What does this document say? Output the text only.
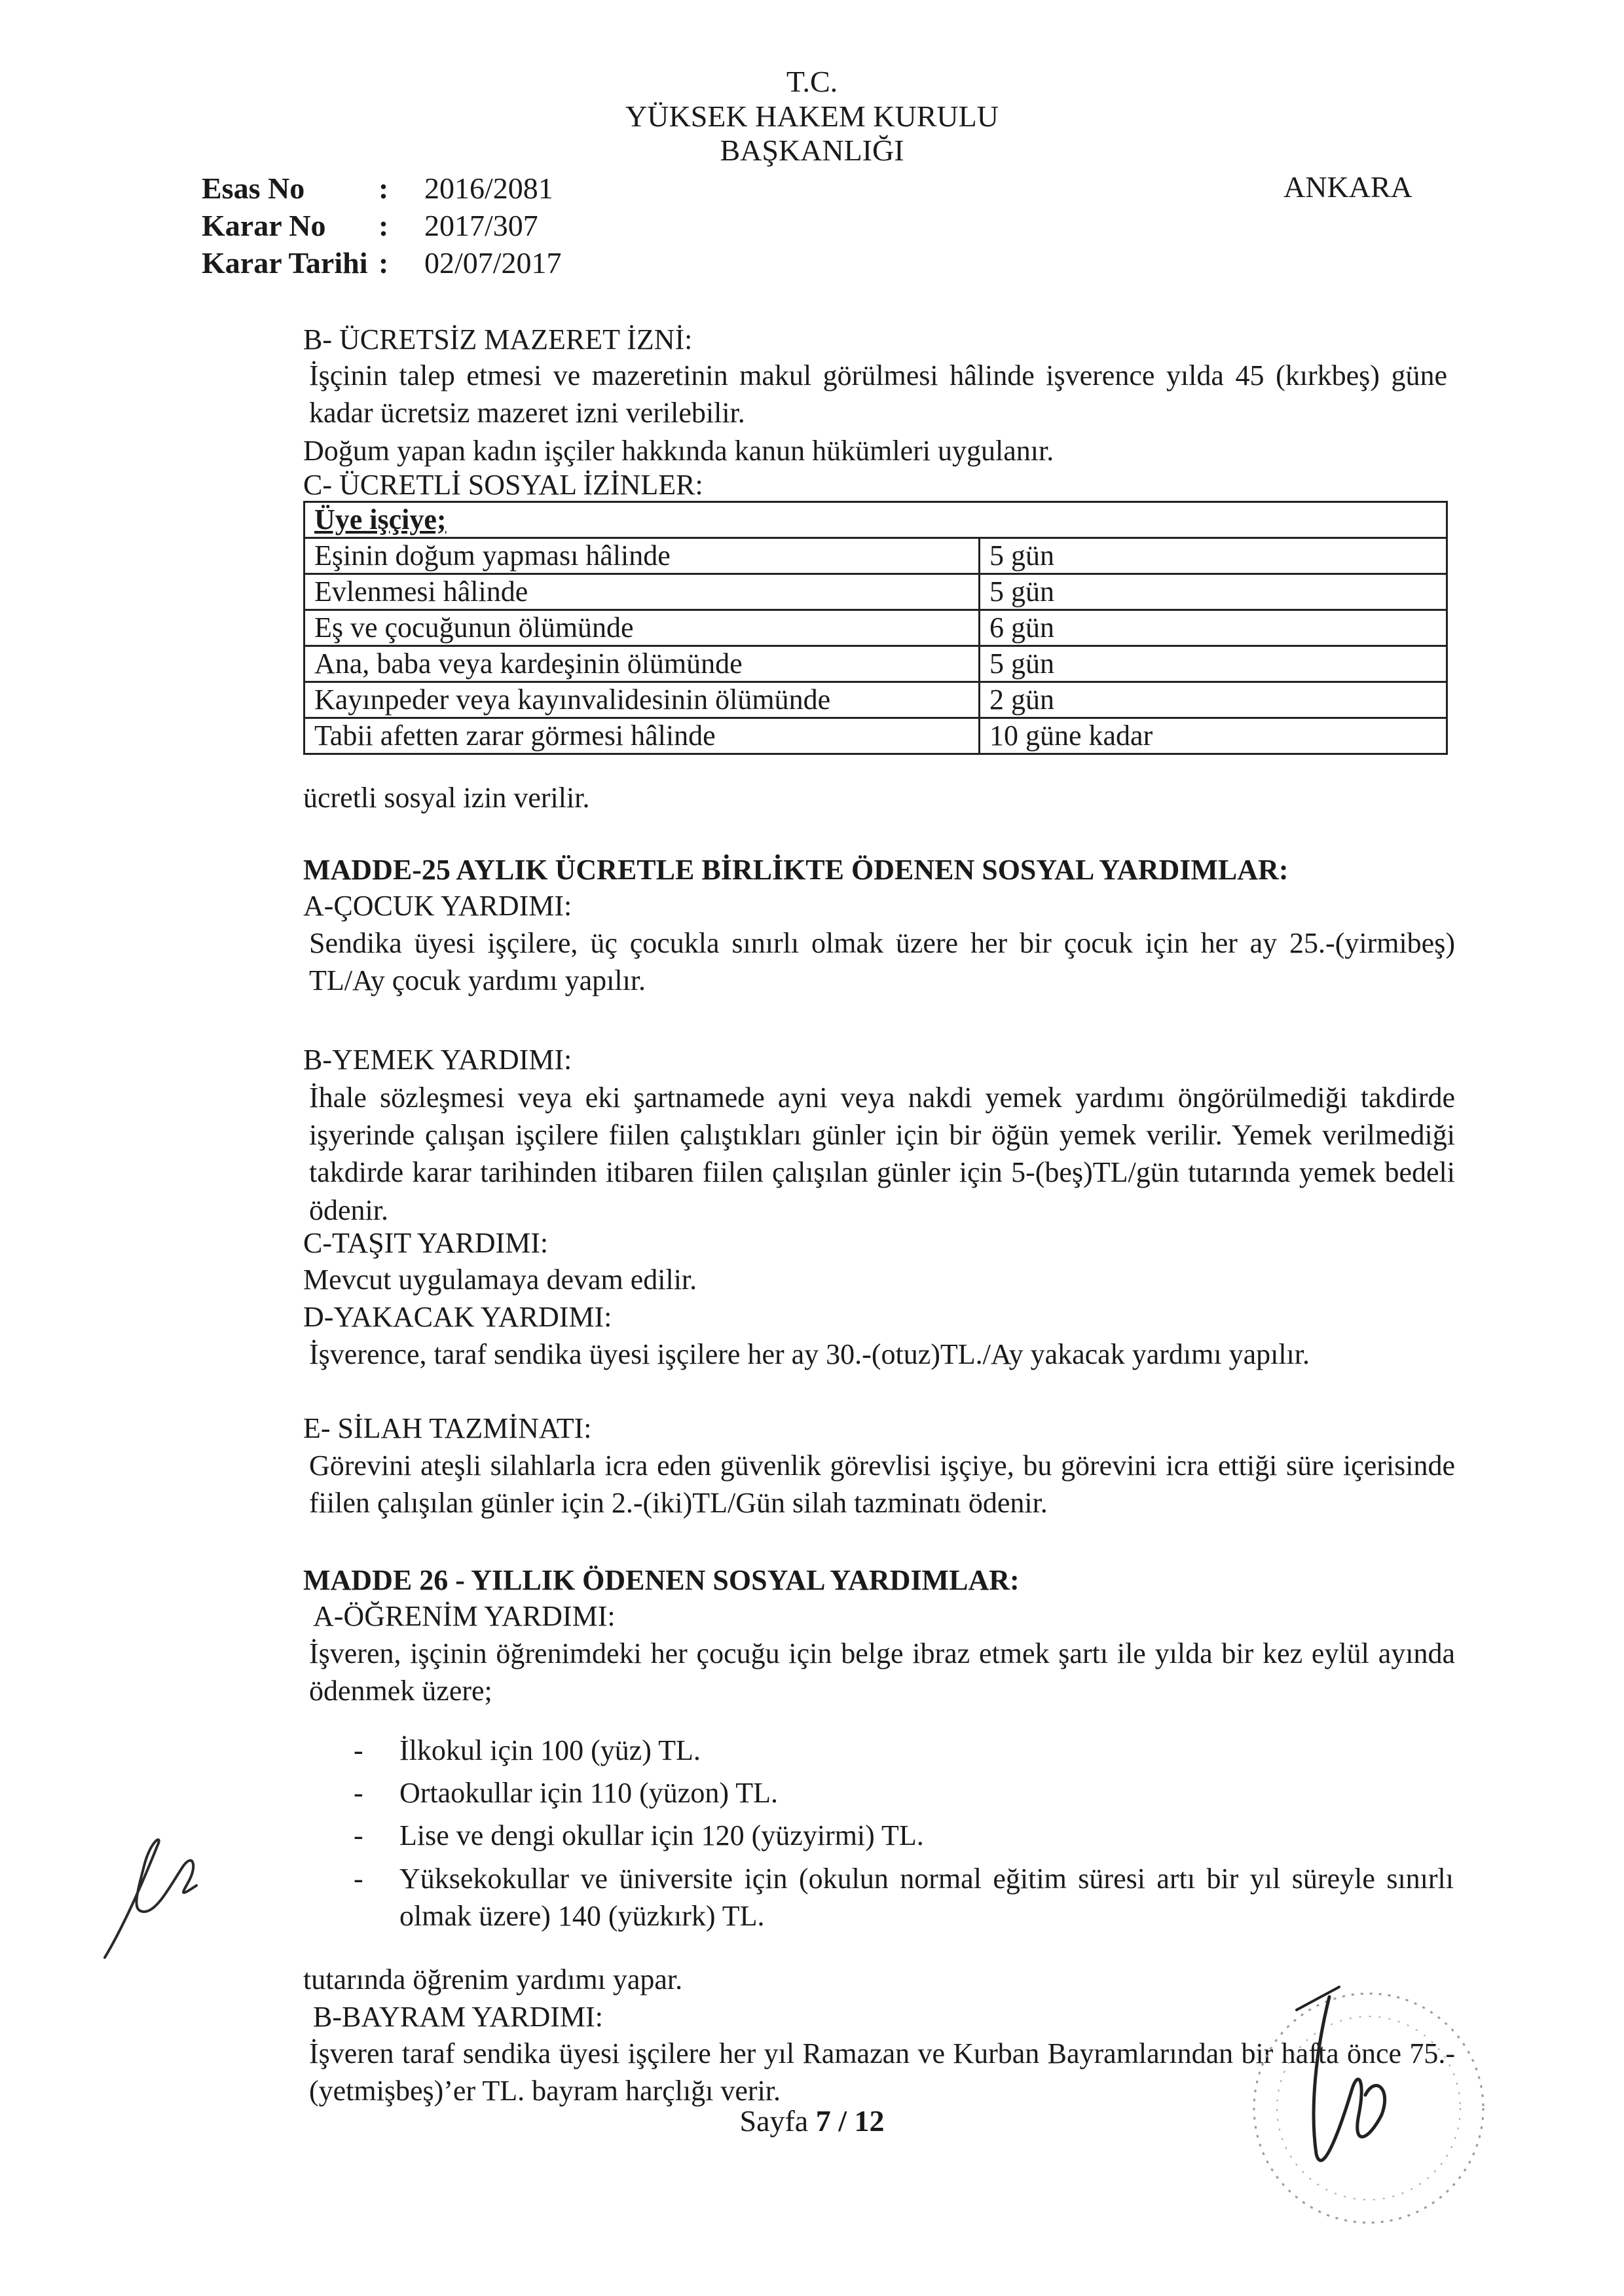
T.C.
YÜKSEK HAKEM KURULU
BAŞKANLIĞI
ANKARA
Esas No : 2016/2081
Karar No : 2017/307
Karar Tarihi : 02/07/2017
B- ÜCRETSİZ MAZERET İZNİ:
İşçinin talep etmesi ve mazeretinin makul görülmesi hâlinde işverence yılda 45 (kırkbeş) güne kadar ücretsiz mazeret izni verilebilir.
Doğum yapan kadın işçiler hakkında kanun hükümleri uygulanır.
C- ÜCRETLİ SOSYAL İZİNLER:
Üye işçiye;	
Eşinin doğum yapması hâlinde	5 gün
Evlenmesi hâlinde	5 gün
Eş ve çocuğunun ölümünde	6 gün
Ana, baba veya kardeşinin ölümünde	5 gün
Kayınpeder veya kayınvalidesinin ölümünde	2 gün
Tabii afetten zarar görmesi hâlinde	10 güne kadar
ücretli sosyal izin verilir.
MADDE-25 AYLIK ÜCRETLE BİRLİKTE ÖDENEN SOSYAL YARDIMLAR:
A-ÇOCUK YARDIMI:
Sendika üyesi işçilere, üç çocukla sınırlı olmak üzere her bir çocuk için her ay 25.-(yirmibeş) TL/Ay çocuk yardımı yapılır.
B-YEMEK YARDIMI:
İhale sözleşmesi veya eki şartnamede ayni veya nakdi yemek yardımı öngörülmediği takdirde işyerinde çalışan işçilere fiilen çalıştıkları günler için bir öğün yemek verilir. Yemek verilmediği takdirde karar tarihinden itibaren fiilen çalışılan günler için 5-(beş)TL/gün tutarında yemek bedeli ödenir.
C-TAŞIT YARDIMI:
Mevcut uygulamaya devam edilir.
D-YAKACAK YARDIMI:
İşverence, taraf sendika üyesi işçilere her ay 30.-(otuz)TL./Ay yakacak yardımı yapılır.
E- SİLAH TAZMİNATI:
Görevini ateşli silahlarla icra eden güvenlik görevlisi işçiye, bu görevini icra ettiği süre içerisinde fiilen çalışılan günler için 2.-(iki)TL/Gün silah tazminatı ödenir.
MADDE 26 - YILLIK ÖDENEN SOSYAL YARDIMLAR:
A-ÖĞRENİM YARDIMI:
İşveren, işçinin öğrenimdeki her çocuğu için belge ibraz etmek şartı ile yılda bir kez eylül ayında ödenmek üzere;
- İlkokul için 100 (yüz) TL.
- Ortaokullar için 110 (yüzon) TL.
- Lise ve dengi okullar için 120 (yüzyirmi) TL.
- Yüksekokullar ve üniversite için (okulun normal eğitim süresi artı bir yıl süreyle sınırlı olmak üzere) 140 (yüzkırk) TL.
tutarında öğrenim yardımı yapar.
B-BAYRAM YARDIMI:
İşveren taraf sendika üyesi işçilere her yıl Ramazan ve Kurban Bayramlarından bir hafta önce 75.-(yetmişbeş)’er TL. bayram harçlığı verir.
Sayfa 7 / 12
